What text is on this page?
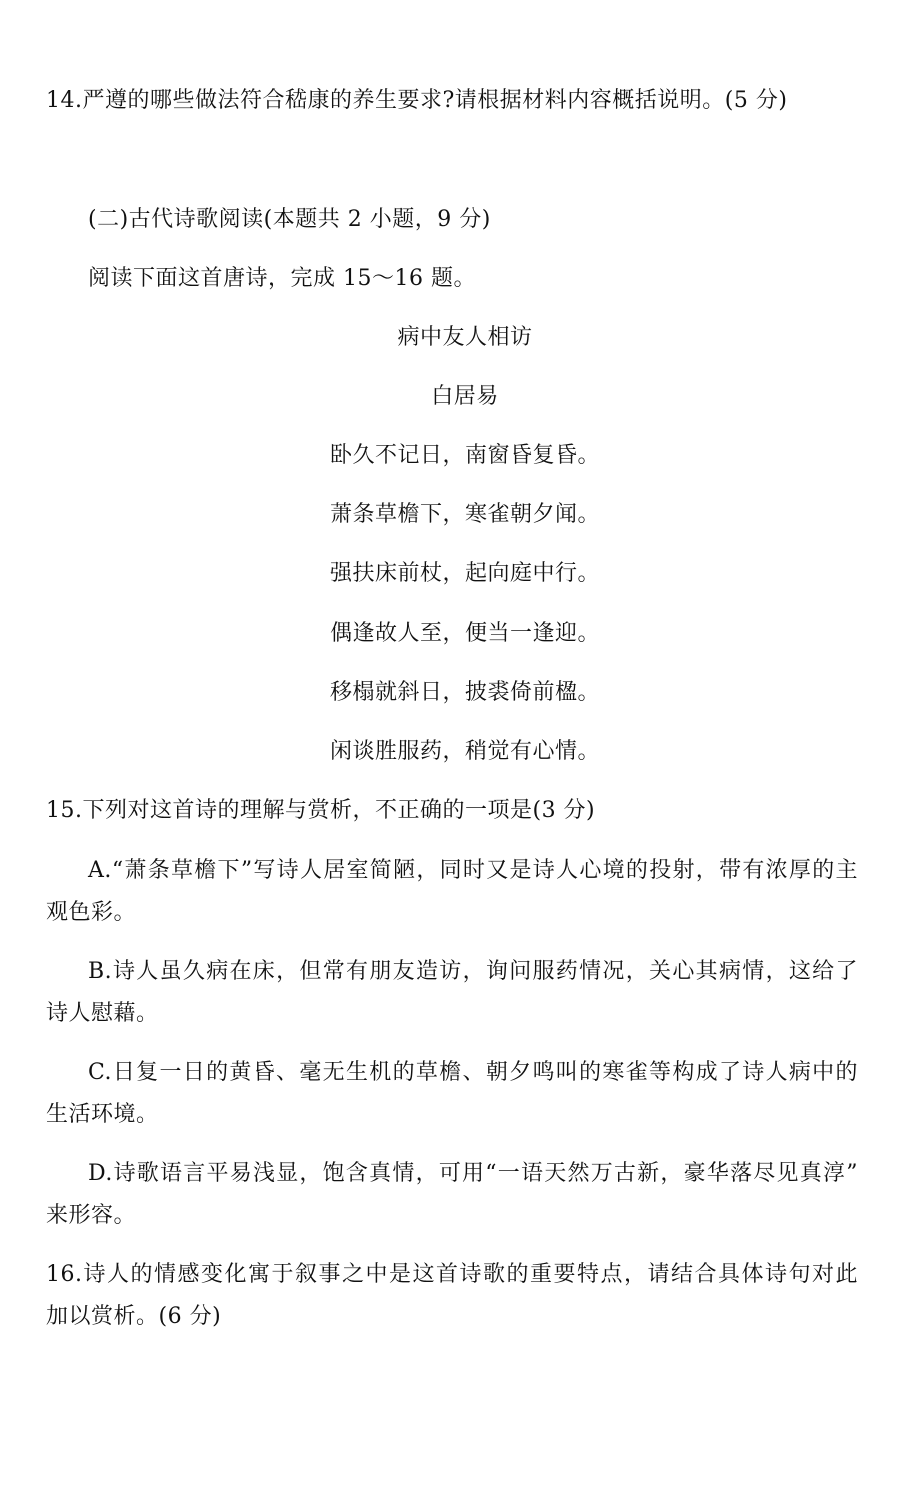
14.严遵的哪些做法符合嵇康的养生要求?请根据材料内容概括说明。(5 分)
(二)古代诗歌阅读(本题共 2 小题，9 分)
阅读下面这首唐诗，完成 15～16 题。
病中友人相访
白居易
卧久不记日，南窗昏复昏。
萧条草檐下，寒雀朝夕闻。
强扶床前杖，起向庭中行。
偶逢故人至，便当一逢迎。
移榻就斜日，披裘倚前楹。
闲谈胜服药，稍觉有心情。
15.下列对这首诗的理解与赏析，不正确的一项是(3 分)
A.“萧条草檐下”写诗人居室简陋，同时又是诗人心境的投射，带有浓厚的主
观色彩。
B.诗人虽久病在床，但常有朋友造访，询问服药情况，关心其病情，这给了
诗人慰藉。
C.日复一日的黄昏、毫无生机的草檐、朝夕鸣叫的寒雀等构成了诗人病中的
生活环境。
D.诗歌语言平易浅显，饱含真情，可用“一语天然万古新，豪华落尽见真淳”
来形容。
16.诗人的情感变化寓于叙事之中是这首诗歌的重要特点，请结合具体诗句对此
加以赏析。(6 分)
